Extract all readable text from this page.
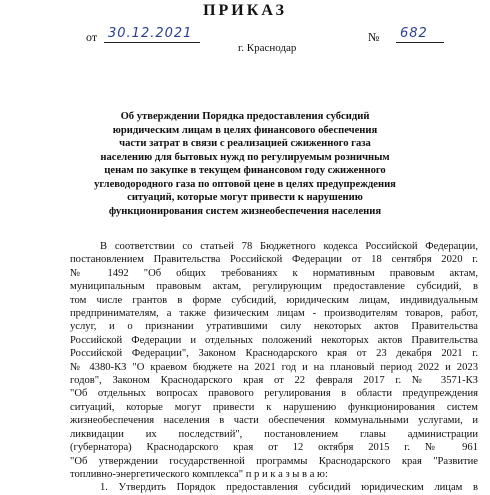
ПРИКАЗ
от 30.12.2021
г. Краснодар
№	682
Об утверждении Порядка предоставления субсидий
юридическим лицам в целях финансового обеспечения
части затрат в связи с реализацией сжиженного газа
населению для бытовых нужд по регулируемым розничным
ценам по закупке в текущем финансовом году сжиженного
углеводородного газа по оптовой цене в целях предупреждения
ситуаций, которые могут привести к нарушению
функционирования систем жизнеобеспечения населения
В соответствии со статьей 78 Бюджетного кодекса Российской Федерации,
постановлением Правительства Российской Федерации от 18 сентября 2020 г.
№ 1492 "Об общих требованиях к нормативным правовым актам,
муниципальным правовым актам, регулирующим предоставление субсидий, в
том числе грантов в форме субсидий, юридическим лицам, индивидуальным
предпринимателям, а также физическим лицам - производителям товаров, работ,
услуг, и о признании утратившими силу некоторых актов Правительства
Российской Федерации и отдельных положений некоторых актов Правительства
Российской Федерации", Законом Краснодарского края от 23 декабря 2021 г.
№ 4380-КЗ "О краевом бюджете на 2021 год и на плановый период 2022 и 2023
годов", Законом Краснодарского края от 22 февраля 2017 г. № 3571-КЗ
"Об отдельных вопросах правового регулирования в области предупреждения
ситуаций, которые могут привести к нарушению функционирования систем
жизнеобеспечения населения в части обеспечения коммунальными услугами, и
ликвидации их последствий", постановлением главы администрации
(губернатора) Краснодарского края от 12 октября 2015 г. № 961
"Об утверждении государственной программы Краснодарского края "Развитие
топливно-энергетического комплекса" п р и к а з ы в а ю:
1. Утвердить Порядок предоставления субсидий юридическим лицам в
